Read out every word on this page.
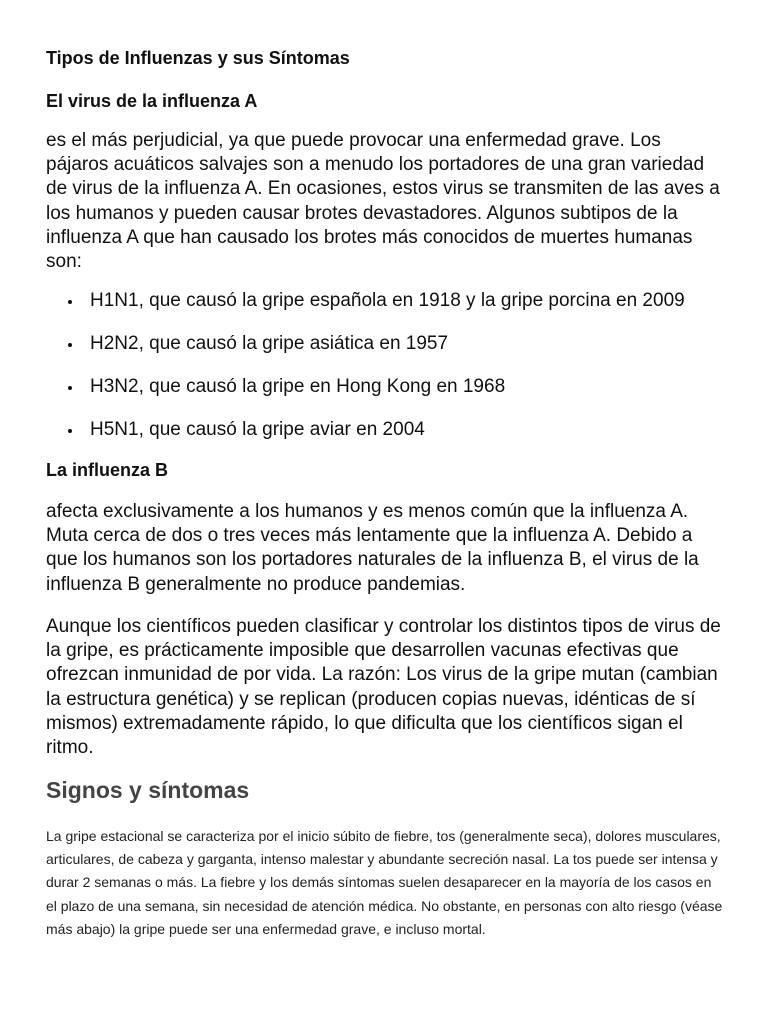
Tipos de Influenzas y sus Síntomas
El virus de la influenza A

es el más perjudicial, ya que puede provocar una enfermedad grave. Los pájaros acuáticos salvajes son a menudo los portadores de una gran variedad de virus de la influenza A. En ocasiones, estos virus se transmiten de las aves a los humanos y pueden causar brotes devastadores. Algunos subtipos de la influenza A que han causado los brotes más conocidos de muertes humanas son:

H1N1, que causó la gripe española en 1918 y la gripe porcina en 2009
H2N2, que causó la gripe asiática en 1957
H3N2, que causó la gripe en Hong Kong en 1968
H5N1, que causó la gripe aviar en 2004
La influenza B

afecta exclusivamente a los humanos y es menos común que la influenza A. Muta cerca de dos o tres veces más lentamente que la influenza A. Debido a que los humanos son los portadores naturales de la influenza B, el virus de la influenza B generalmente no produce pandemias.

Aunque los científicos pueden clasificar y controlar los distintos tipos de virus de la gripe, es prácticamente imposible que desarrollen vacunas efectivas que ofrezcan inmunidad de por vida. La razón: Los virus de la gripe mutan (cambian la estructura genética) y se replican (producen copias nuevas, idénticas de sí mismos) extremadamente rápido, lo que dificulta que los científicos sigan el ritmo.

Signos y síntomas

La gripe estacional se caracteriza por el inicio súbito de fiebre, tos (generalmente seca), dolores musculares, articulares, de cabeza y garganta, intenso malestar y abundante secreción nasal. La tos puede ser intensa y durar 2 semanas o más. La fiebre y los demás síntomas suelen desaparecer en la mayoría de los casos en el plazo de una semana, sin necesidad de atención médica. No obstante, en personas con alto riesgo (véase más abajo) la gripe puede ser una enfermedad grave, e incluso mortal.
